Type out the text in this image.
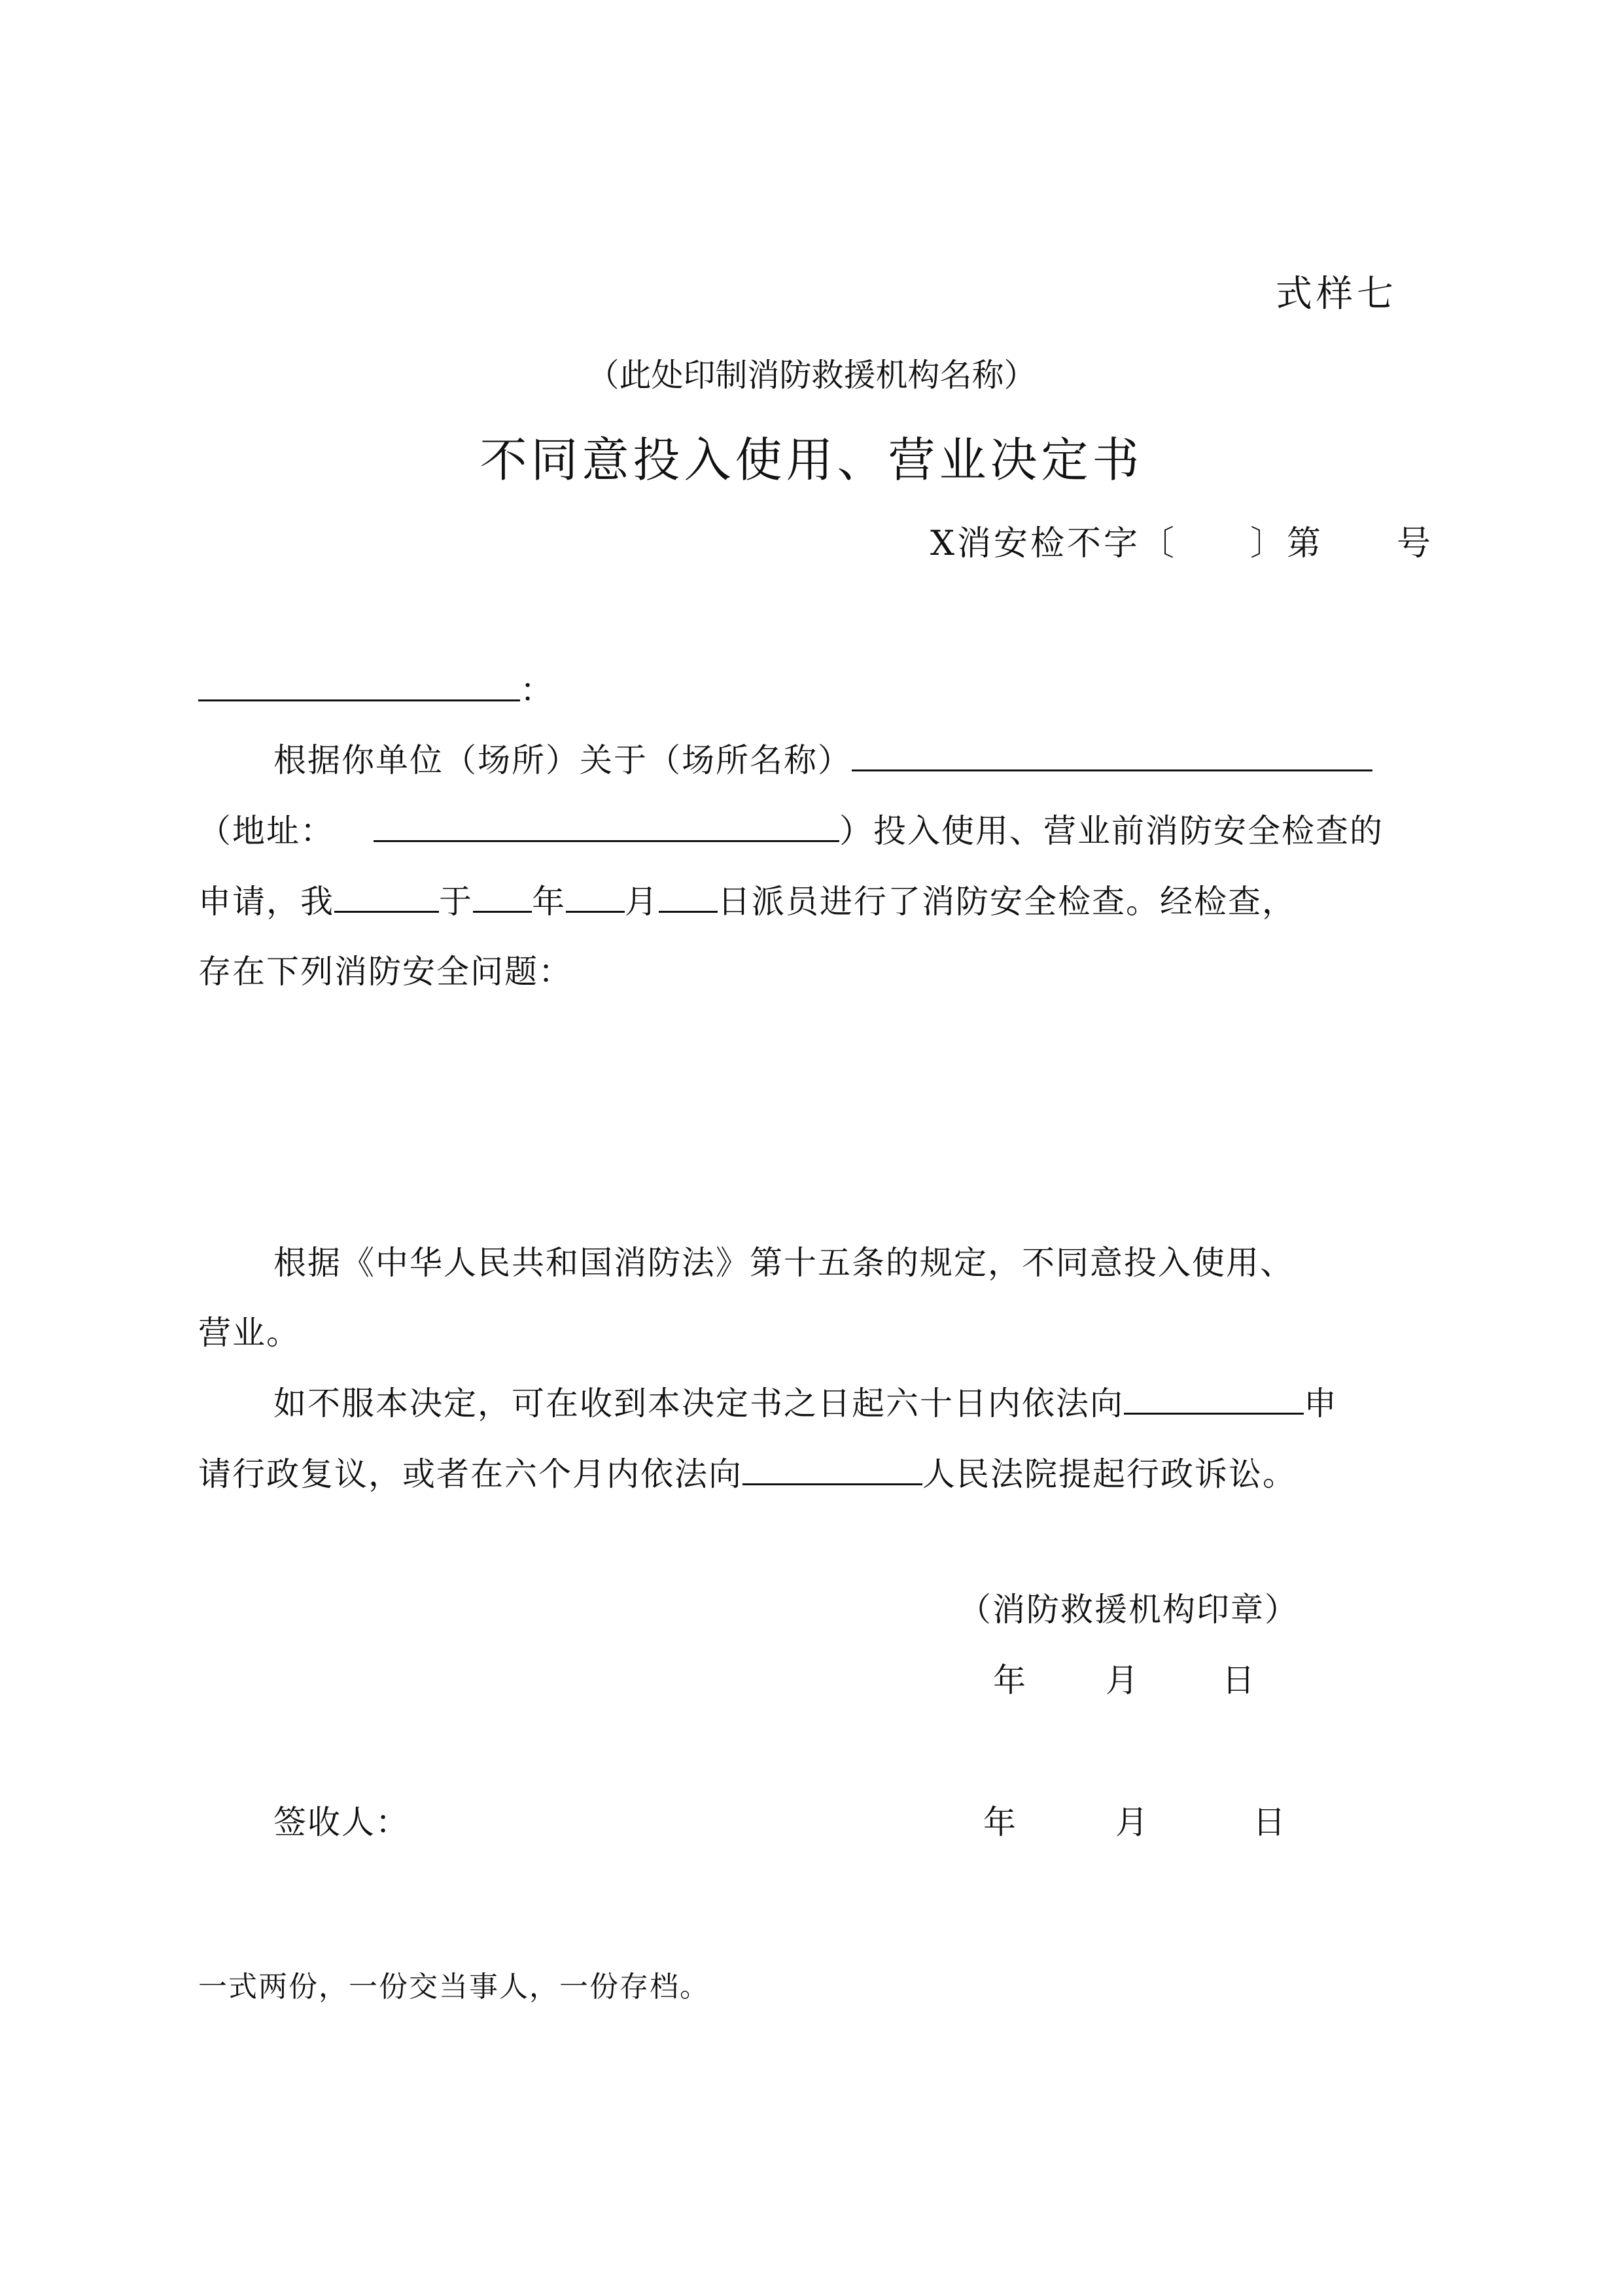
式样七
（此处印制消防救援机构名称）
不同意投入使用、营业决定书
X消安检不字〔　　〕第　　号
：
根据你单位（场所）关于（场所名称）
（地址：	）投入使用、营业前消防安全检查的
申请，我	于 年 月 日派员进行了消防安全检查。经检查，
存在下列消防安全问题：
根据《中华人民共和国消防法》第十五条的规定，不同意投入使用、
营业。
如不服本决定，可在收到本决定书之日起六十日内依法向	申
请行政复议，或者在六个月内依法向	人民法院提起行政诉讼。
（消防救援机构印章）
年 月	日
签收人：	年	月	日
一式两份，一份交当事人，一份存档。
